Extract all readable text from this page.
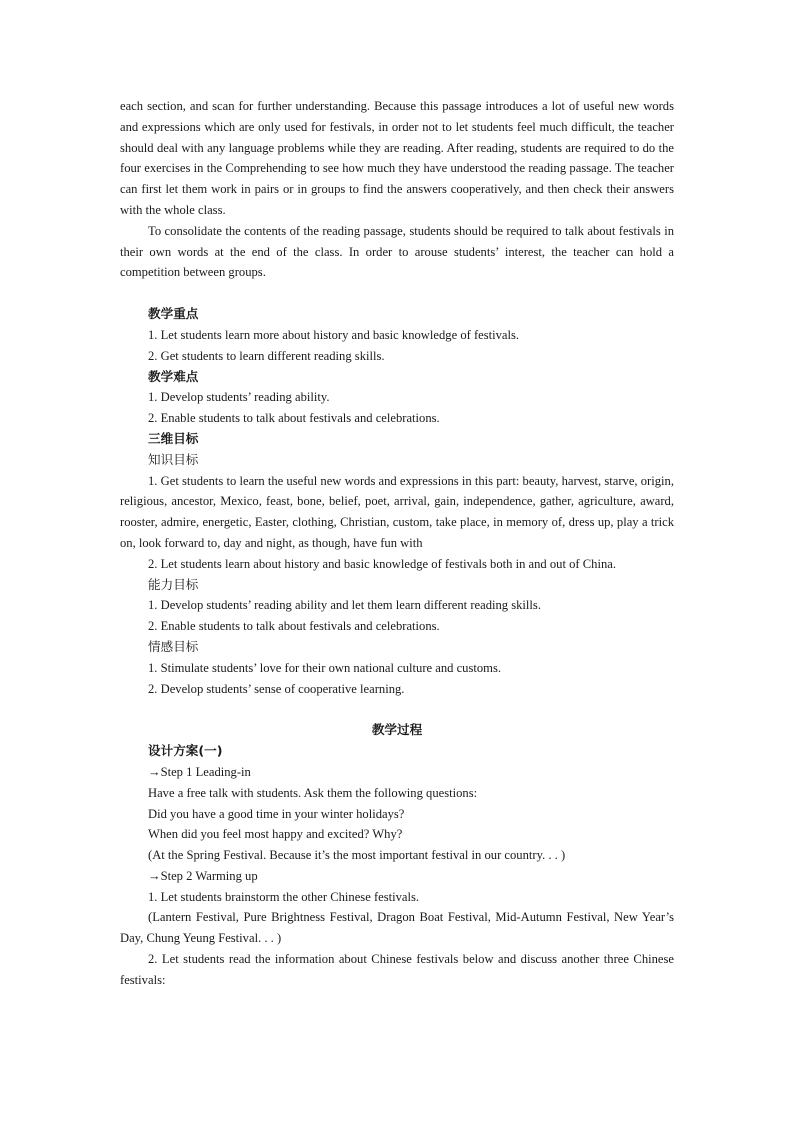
each section, and scan for further understanding. Because this passage introduces a lot of useful new words and expressions which are only used for festivals, in order not to let students feel much difficult, the teacher should deal with any language problems while they are reading. After reading, students are required to do the four exercises in the Comprehending to see how much they have understood the reading passage. The teacher can first let them work in pairs or in groups to find the answers cooperatively, and then check their answers with the whole class.

To consolidate the contents of the reading passage, students should be required to talk about festivals in their own words at the end of the class. In order to arouse students’ interest, the teacher can hold a competition between groups.

教学重点

1. Let students learn more about history and basic knowledge of festivals.

2. Get students to learn different reading skills.

教学难点

1. Develop students’ reading ability.

2. Enable students to talk about festivals and celebrations.

三维目标

知识目标

1. Get students to learn the useful new words and expressions in this part: beauty, harvest, starve, origin, religious, ancestor, Mexico, feast, bone, belief, poet, arrival, gain, independence, gather, agriculture, award, rooster, admire, energetic, Easter, clothing, Christian, custom, take place, in memory of, dress up, play a trick on, look forward to, day and night, as though, have fun with

2. Let students learn about history and basic knowledge of festivals both in and out of China.

能力目标

1. Develop students’ reading ability and let them learn different reading skills.

2. Enable students to talk about festivals and celebrations.

情感目标

1. Stimulate students’ love for their own national culture and customs.

2. Develop students’ sense of cooperative learning.

教学过程

设计方案(一)

→Step 1 Leading-in

Have a free talk with students. Ask them the following questions:

Did you have a good time in your winter holidays?

When did you feel most happy and excited? Why?

(At the Spring Festival. Because it’s the most important festival in our country. . . )

→Step 2 Warming up

1. Let students brainstorm the other Chinese festivals.

(Lantern Festival, Pure Brightness Festival, Dragon Boat Festival, Mid-Autumn Festival, New Year’s Day, Chung Yeung Festival. . . )

2. Let students read the information about Chinese festivals below and discuss another three Chinese festivals:
